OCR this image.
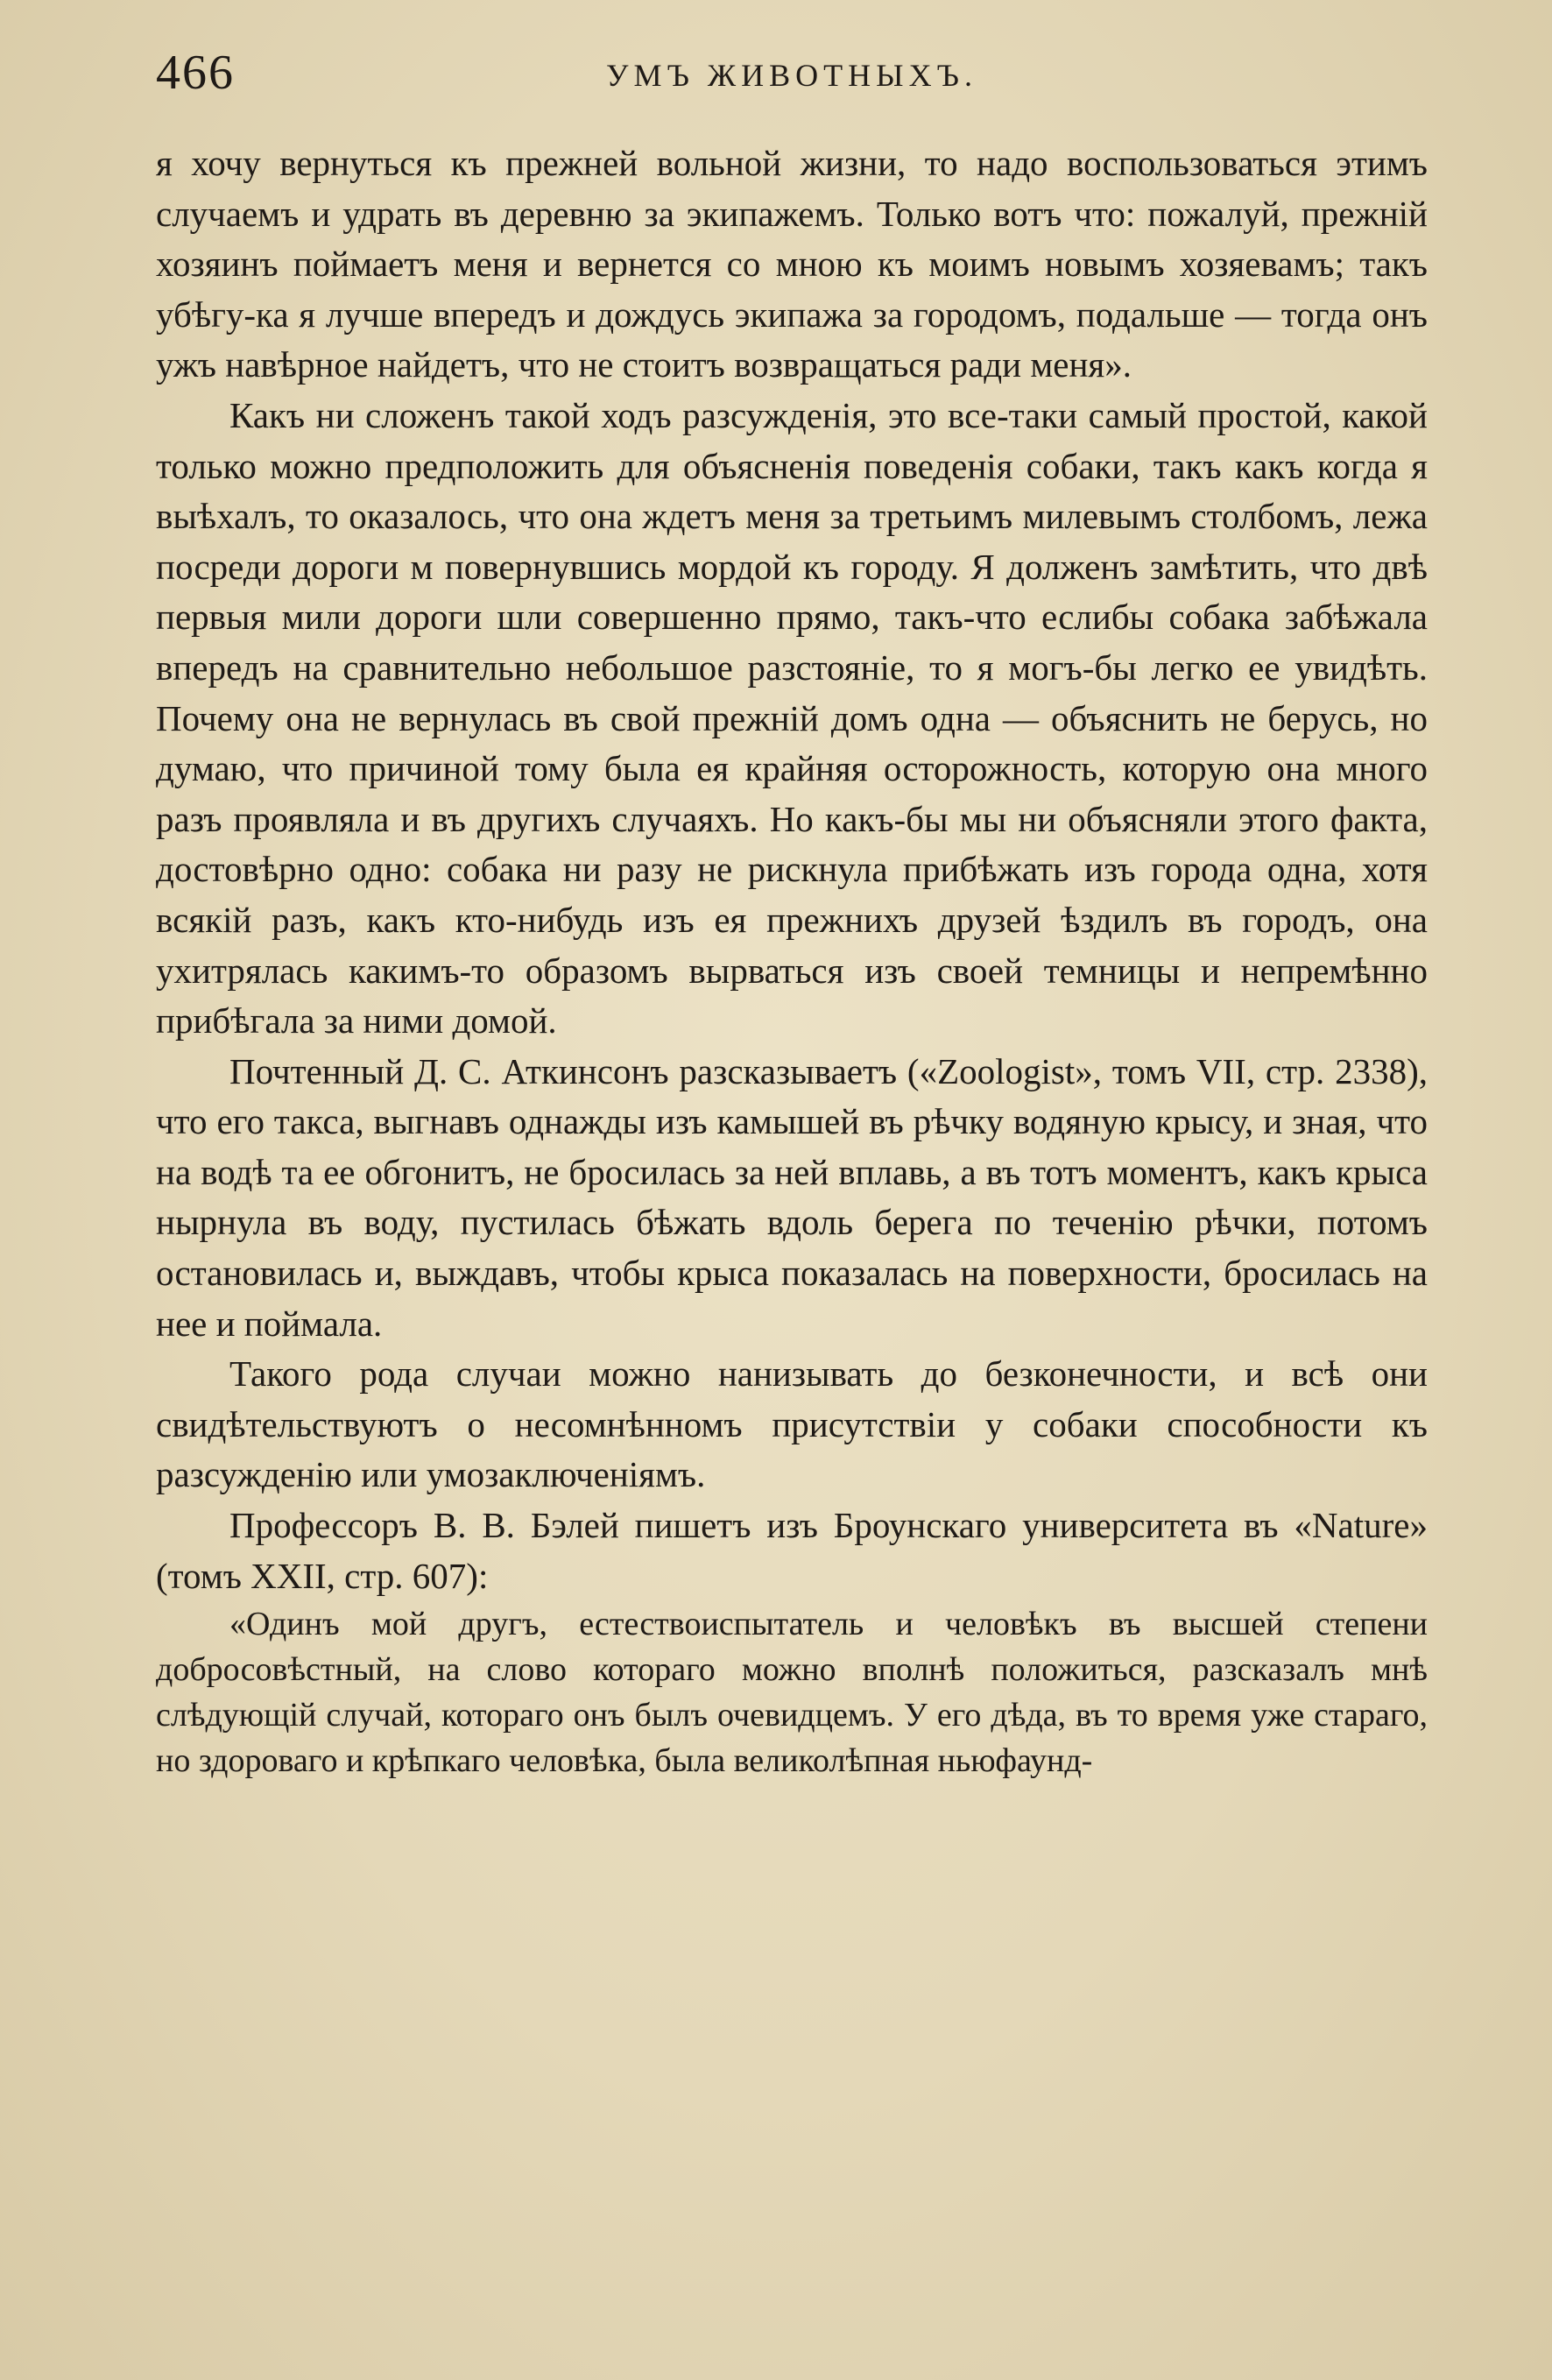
466	УМЪ ЖИВОТНЫХЪ.

я хочу вернуться къ прежней вольной жизни, то надо воспользоваться этимъ случаемъ и удрать въ деревню за экипажемъ. Только вотъ что: пожалуй, прежній хозяинъ поймаетъ меня и вернется со мною къ моимъ новымъ хозяевамъ; такъ убѣгу-ка я лучше впередъ и дождусь экипажа за городомъ, подальше — тогда онъ ужъ навѣрное найдетъ, что не стоитъ возвращаться ради меня».

Какъ ни сложенъ такой ходъ разсужденія, это все-таки самый простой, какой только можно предположить для объясненія поведенія собаки, такъ какъ когда я выѣхалъ, то оказалось, что она ждетъ меня за третьимъ милевымъ столбомъ, лежа посреди дороги м повернувшись мордой къ городу. Я долженъ замѣтить, что двѣ первыя мили дороги шли совершенно прямо, такъ-что еслибы собака забѣжала впередъ на сравнительно небольшое разстояніе, то я могъ-бы легко ее увидѣть. Почему она не вернулась въ свой прежній домъ одна — объяснить не берусь, но думаю, что причиной тому была ея крайняя осторожность, которую она много разъ проявляла и въ другихъ случаяхъ. Но какъ-бы мы ни объясняли этого факта, достовѣрно одно: собака ни разу не рискнула прибѣжать изъ города одна, хотя всякій разъ, какъ кто-нибудь изъ ея прежнихъ друзей ѣздилъ въ городъ, она ухитрялась какимъ-то образомъ вырваться изъ своей темницы и непремѣнно прибѣгала за ними домой.

Почтенный Д. С. Аткинсонъ разсказываетъ («Zoologist», томъ VII, стр. 2338), что его такса, выгнавъ однажды изъ камышей въ рѣчку водяную крысу, и зная, что на водѣ та ее обгонитъ, не бросилась за ней вплавь, а въ тотъ моментъ, какъ крыса нырнула въ воду, пустилась бѣжать вдоль берега по теченію рѣчки, потомъ остановилась и, выждавъ, чтобы крыса показалась на поверхности, бросилась на нее и поймала.

Такого рода случаи можно нанизывать до безконечности, и всѣ они свидѣтельствуютъ о несомнѣнномъ присутствіи у собаки способности къ разсужденію или умозаключеніямъ.

Профессоръ В. В. Бэлей пишетъ изъ Броунскаго университета въ «Nature» (томъ XXII, стр. 607):

«Одинъ мой другъ, естествоиспытатель и человѣкъ въ высшей степени добросовѣстный, на слово котораго можно вполнѣ положиться, разсказалъ мнѣ слѣдующій случай, котораго онъ былъ очевидцемъ. У его дѣда, въ то время уже стараго, но здороваго и крѣпкаго человѣка, была великолѣпная ньюфаунд-
